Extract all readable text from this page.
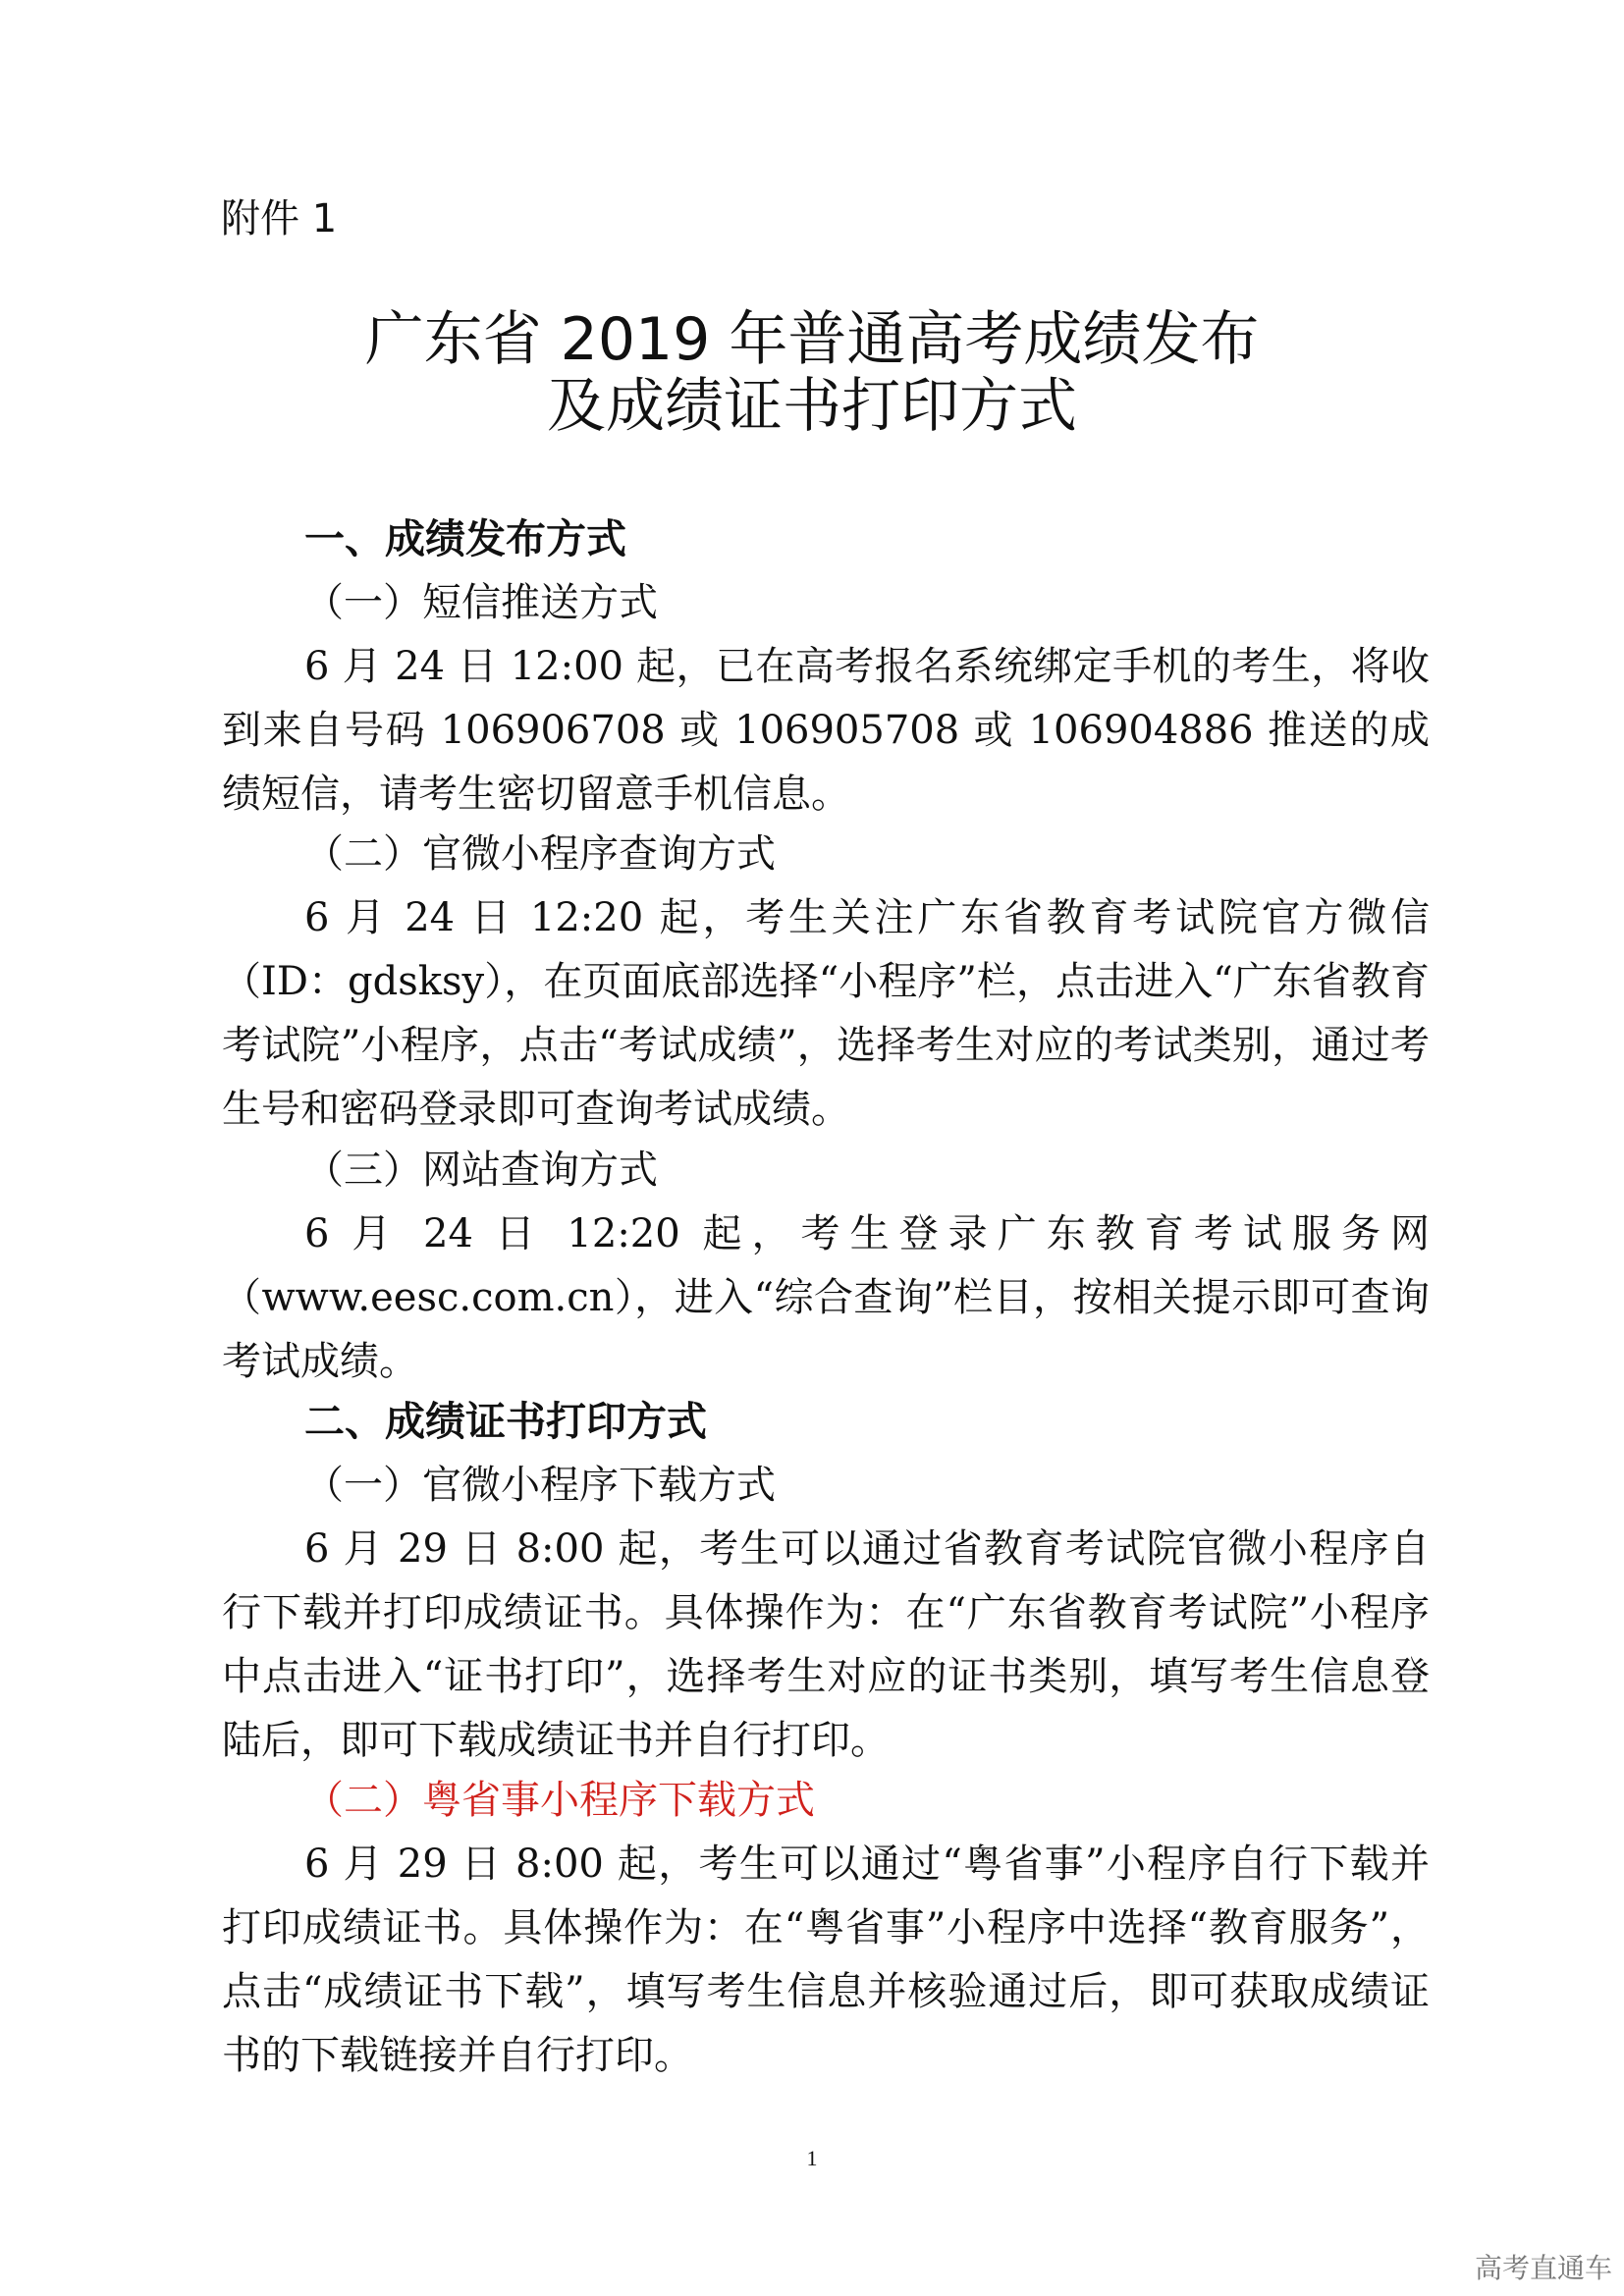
附件 1
广东省 2019 年普通高考成绩发布
及成绩证书打印方式
一、成绩发布方式
（一）短信推送方式
6 月 24 日 12:00 起，已在高考报名系统绑定手机的考生，将收到来自号码 106906708 或 106905708 或 106904886 推送的成绩短信，请考生密切留意手机信息。
（二）官微小程序查询方式
6 月 24 日 12:20 起，考生关注广东省教育考试院官方微信（ID：gdsksy），在页面底部选择“小程序”栏，点击进入“广东省教育考试院”小程序，点击“考试成绩”，选择考生对应的考试类别，通过考生号和密码登录即可查询考试成绩。
（三）网站查询方式
6 月 24 日 12:20 起，考生登录广东教育考试服务网（www.eesc.com.cn），进入“综合查询”栏目，按相关提示即可查询考试成绩。
二、成绩证书打印方式
（一）官微小程序下载方式
6 月 29 日 8:00 起，考生可以通过省教育考试院官微小程序自行下载并打印成绩证书。具体操作为：在“广东省教育考试院”小程序中点击进入“证书打印”，选择考生对应的证书类别，填写考生信息登陆后，即可下载成绩证书并自行打印。
（二）粤省事小程序下载方式
6 月 29 日 8:00 起，考生可以通过“粤省事”小程序自行下载并打印成绩证书。具体操作为：在“粤省事”小程序中选择“教育服务”，点击“成绩证书下载”，填写考生信息并核验通过后，即可获取成绩证书的下载链接并自行打印。
1
高考直通车
